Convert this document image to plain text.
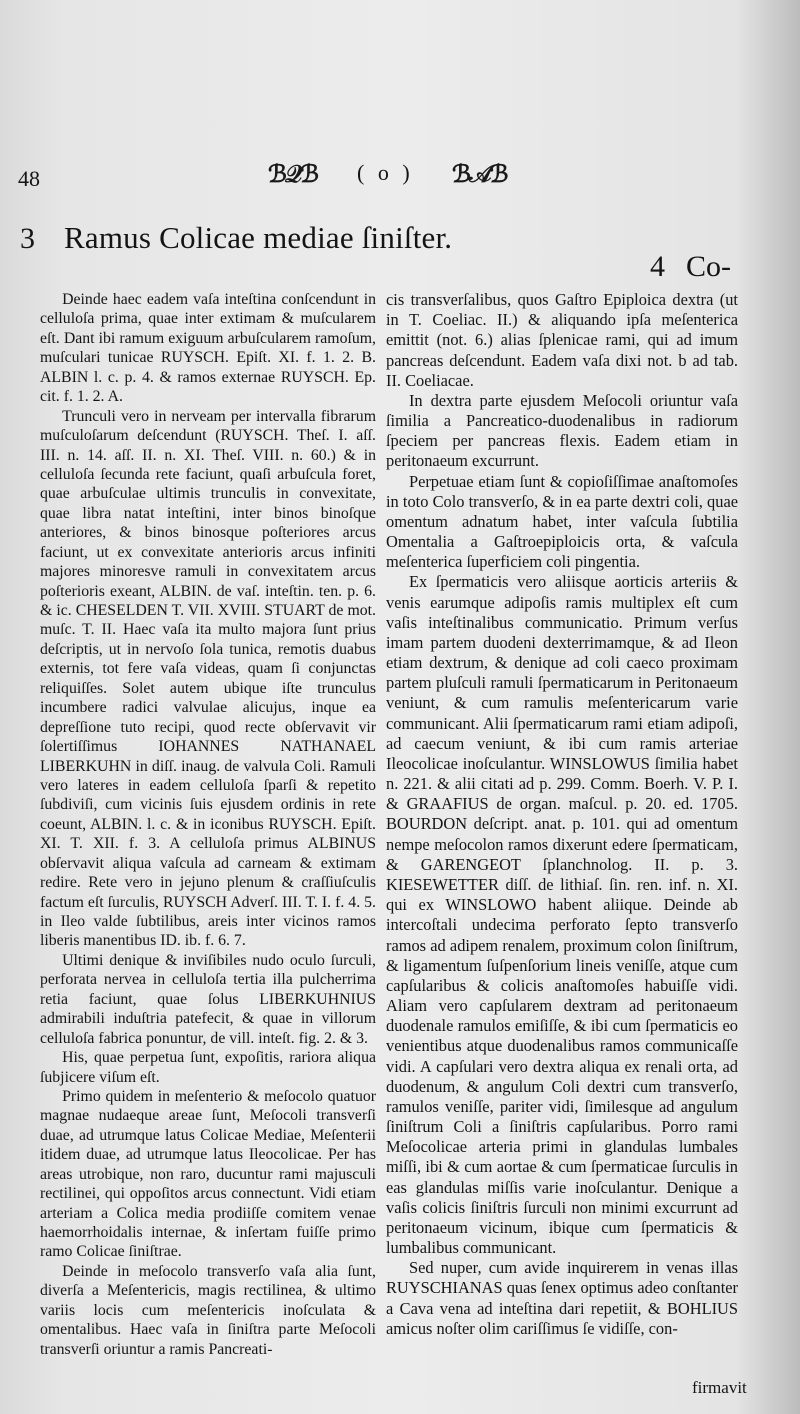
48	ℬ𝒬ℬ ( o ) ℬ𝒜ℬ
3 Ramus Colicae mediae ſiniſter.
4 Co-

Deinde haec eadem vaſa inteſtina conſcendunt in celluloſa prima, quae inter extimam & muſcularem eſt. Dant ibi ramum exiguum arbuſcularem ramoſum, muſculari tunicae RUYSCH. Epiſt. XI. f. 1. 2. B. ALBIN l. c. p. 4. & ramos externae RUYSCH. Ep. cit. f. 1. 2. A.

Trunculi vero in nerveam per intervalla fibrarum muſculoſarum deſcendunt (RUYSCH. Theſ. I. aſſ. III. n. 14. aſſ. II. n. XI. Theſ. VIII. n. 60.) & in celluloſa ſecunda rete faciunt, quaſi arbuſcula foret, quae arbuſculae ultimis trunculis in convexitate, quae libra natat inteſtini, inter binos binoſque anteriores, & binos binosque poſteriores arcus faciunt, ut ex convexitate anterioris arcus infiniti majores minoresve ramuli in convexitatem arcus poſterioris exeant, ALBIN. de vaſ. inteſtin. ten. p. 6. & ic. CHESELDEN T. VII. XVIII. STUART de mot. muſc. T. II. Haec vaſa ita multo majora ſunt prius deſcriptis, ut in nervoſo ſola tunica, remotis duabus externis, tot fere vaſa videas, quam ſi conjunctas reliquiſſes. Solet autem ubique iſte trunculus incumbere radici valvulae alicujus, inque ea depreſſione tuto recipi, quod recte obſervavit vir ſolertiſſimus IOHANNES NATHANAEL LIBERKUHN in diſſ. inaug. de valvula Coli. Ramuli vero lateres in eadem celluloſa ſparſi & repetito ſubdiviſi, cum vicinis ſuis ejusdem ordinis in rete coeunt, ALBIN. l. c. & in iconibus RUYSCH. Epiſt. XI. T. XII. f. 3. A celluloſa primus ALBINUS obſervavit aliqua vaſcula ad carneam & extimam redire. Rete vero in jejuno plenum & craſſiuſculis factum eſt ſurculis, RUYSCH Adverſ. III. T. I. f. 4. 5. in Ileo valde ſubtilibus, areis inter vicinos ramos liberis manentibus ID. ib. f. 6. 7.

Ultimi denique & inviſibiles nudo oculo ſurculi, perforata nervea in celluloſa tertia illa pulcherrima retia faciunt, quae ſolus LIBERKUHNIUS admirabili induſtria patefecit, & quae in villorum celluloſa fabrica ponuntur, de vill. inteſt. fig. 2. & 3.

His, quae perpetua ſunt, expoſitis, rariora aliqua ſubjicere viſum eſt.

Primo quidem in meſenterio & meſocolo quatuor magnae nudaeque areae ſunt, Meſocoli transverſi duae, ad utrumque latus Colicae Mediae, Meſenterii itidem duae, ad utrumque latus Ileocolicae. Per has areas utrobique, non raro, ducuntur rami majusculi rectilinei, qui oppoſitos arcus connectunt. Vidi etiam arteriam a Colica media prodiiſſe comitem venae haemorrhoidalis internae, & inſertam fuiſſe primo ramo Colicae ſiniſtrae.

Deinde in meſocolo transverſo vaſa alia ſunt, diverſa a Meſentericis, magis rectilinea, & ultimo variis locis cum meſentericis inoſculata & omentalibus. Haec vaſa in ſiniſtra parte Meſocoli transverſi oriuntur a ramis Pancreati-

cis transverſalibus, quos Gaſtro Epiploica dextra (ut in T. Coeliac. II.) & aliquando ipſa meſenterica emittit (not. 6.) alias ſplenicae rami, qui ad imum pancreas deſcendunt. Eadem vaſa dixi not. b ad tab. II. Coeliacae.

In dextra parte ejusdem Meſocoli oriuntur vaſa ſimilia a Pancreatico-duodenalibus in radiorum ſpeciem per pancreas flexis. Eadem etiam in peritonaeum excurrunt.

Perpetuae etiam ſunt & copioſiſſimae anaſtomoſes in toto Colo transverſo, & in ea parte dextri coli, quae omentum adnatum habet, inter vaſcula ſubtilia Omentalia a Gaſtroepiploicis orta, & vaſcula meſenterica ſuperficiem coli pingentia.

Ex ſpermaticis vero aliisque aorticis arteriis & venis earumque adipoſis ramis multiplex eſt cum vaſis inteſtinalibus communicatio. Primum verſus imam partem duodeni dexterrimamque, & ad Ileon etiam dextrum, & denique ad coli caeco proximam partem pluſculi ramuli ſpermaticarum in Peritonaeum veniunt, & cum ramulis meſentericarum varie communicant. Alii ſpermaticarum rami etiam adipoſi, ad caecum veniunt, & ibi cum ramis arteriae Ileocolicae inoſculantur. WINSLOWUS ſimilia habet n. 221. & alii citati ad p. 299. Comm. Boerh. V. P. I. & GRAAFIUS de organ. maſcul. p. 20. ed. 1705. BOURDON deſcript. anat. p. 101. qui ad omentum nempe meſocolon ramos dixerunt edere ſpermaticam, & GARENGEOT ſplanchnolog. II. p. 3. KIESEWETTER diſſ. de lithiaſ. ſin. ren. inf. n. XI. qui ex WINSLOWO habent aliique. Deinde ab intercoſtali undecima perforato ſepto transverſo ramos ad adipem renalem, proximum colon ſiniſtrum, & ligamentum ſuſpenſorium lineis veniſſe, atque cum capſularibus & colicis anaſtomoſes habuiſſe vidi. Aliam vero capſularem dextram ad peritonaeum duodenale ramulos emiſiſſe, & ibi cum ſpermaticis eo venientibus atque duodenalibus ramos communicaſſe vidi. A capſulari vero dextra aliqua ex renali orta, ad duodenum, & angulum Coli dextri cum transverſo, ramulos veniſſe, pariter vidi, ſimilesque ad angulum ſiniſtrum Coli a ſiniſtris capſularibus. Porro rami Meſocolicae arteria primi in glandulas lumbales miſſi, ibi & cum aortae & cum ſpermaticae ſurculis in eas glandulas miſſis varie inoſculantur. Denique a vaſis colicis ſiniſtris ſurculi non minimi excurrunt ad peritonaeum vicinum, ibique cum ſpermaticis & lumbalibus communicant.

Sed nuper, cum avide inquirerem in venas illas RUYSCHIANAS quas ſenex optimus adeo conſtanter a Cava vena ad inteſtina dari repetiit, & BOHLIUS amicus noſter olim cariſſimus ſe vidiſſe, con-

firmavit
